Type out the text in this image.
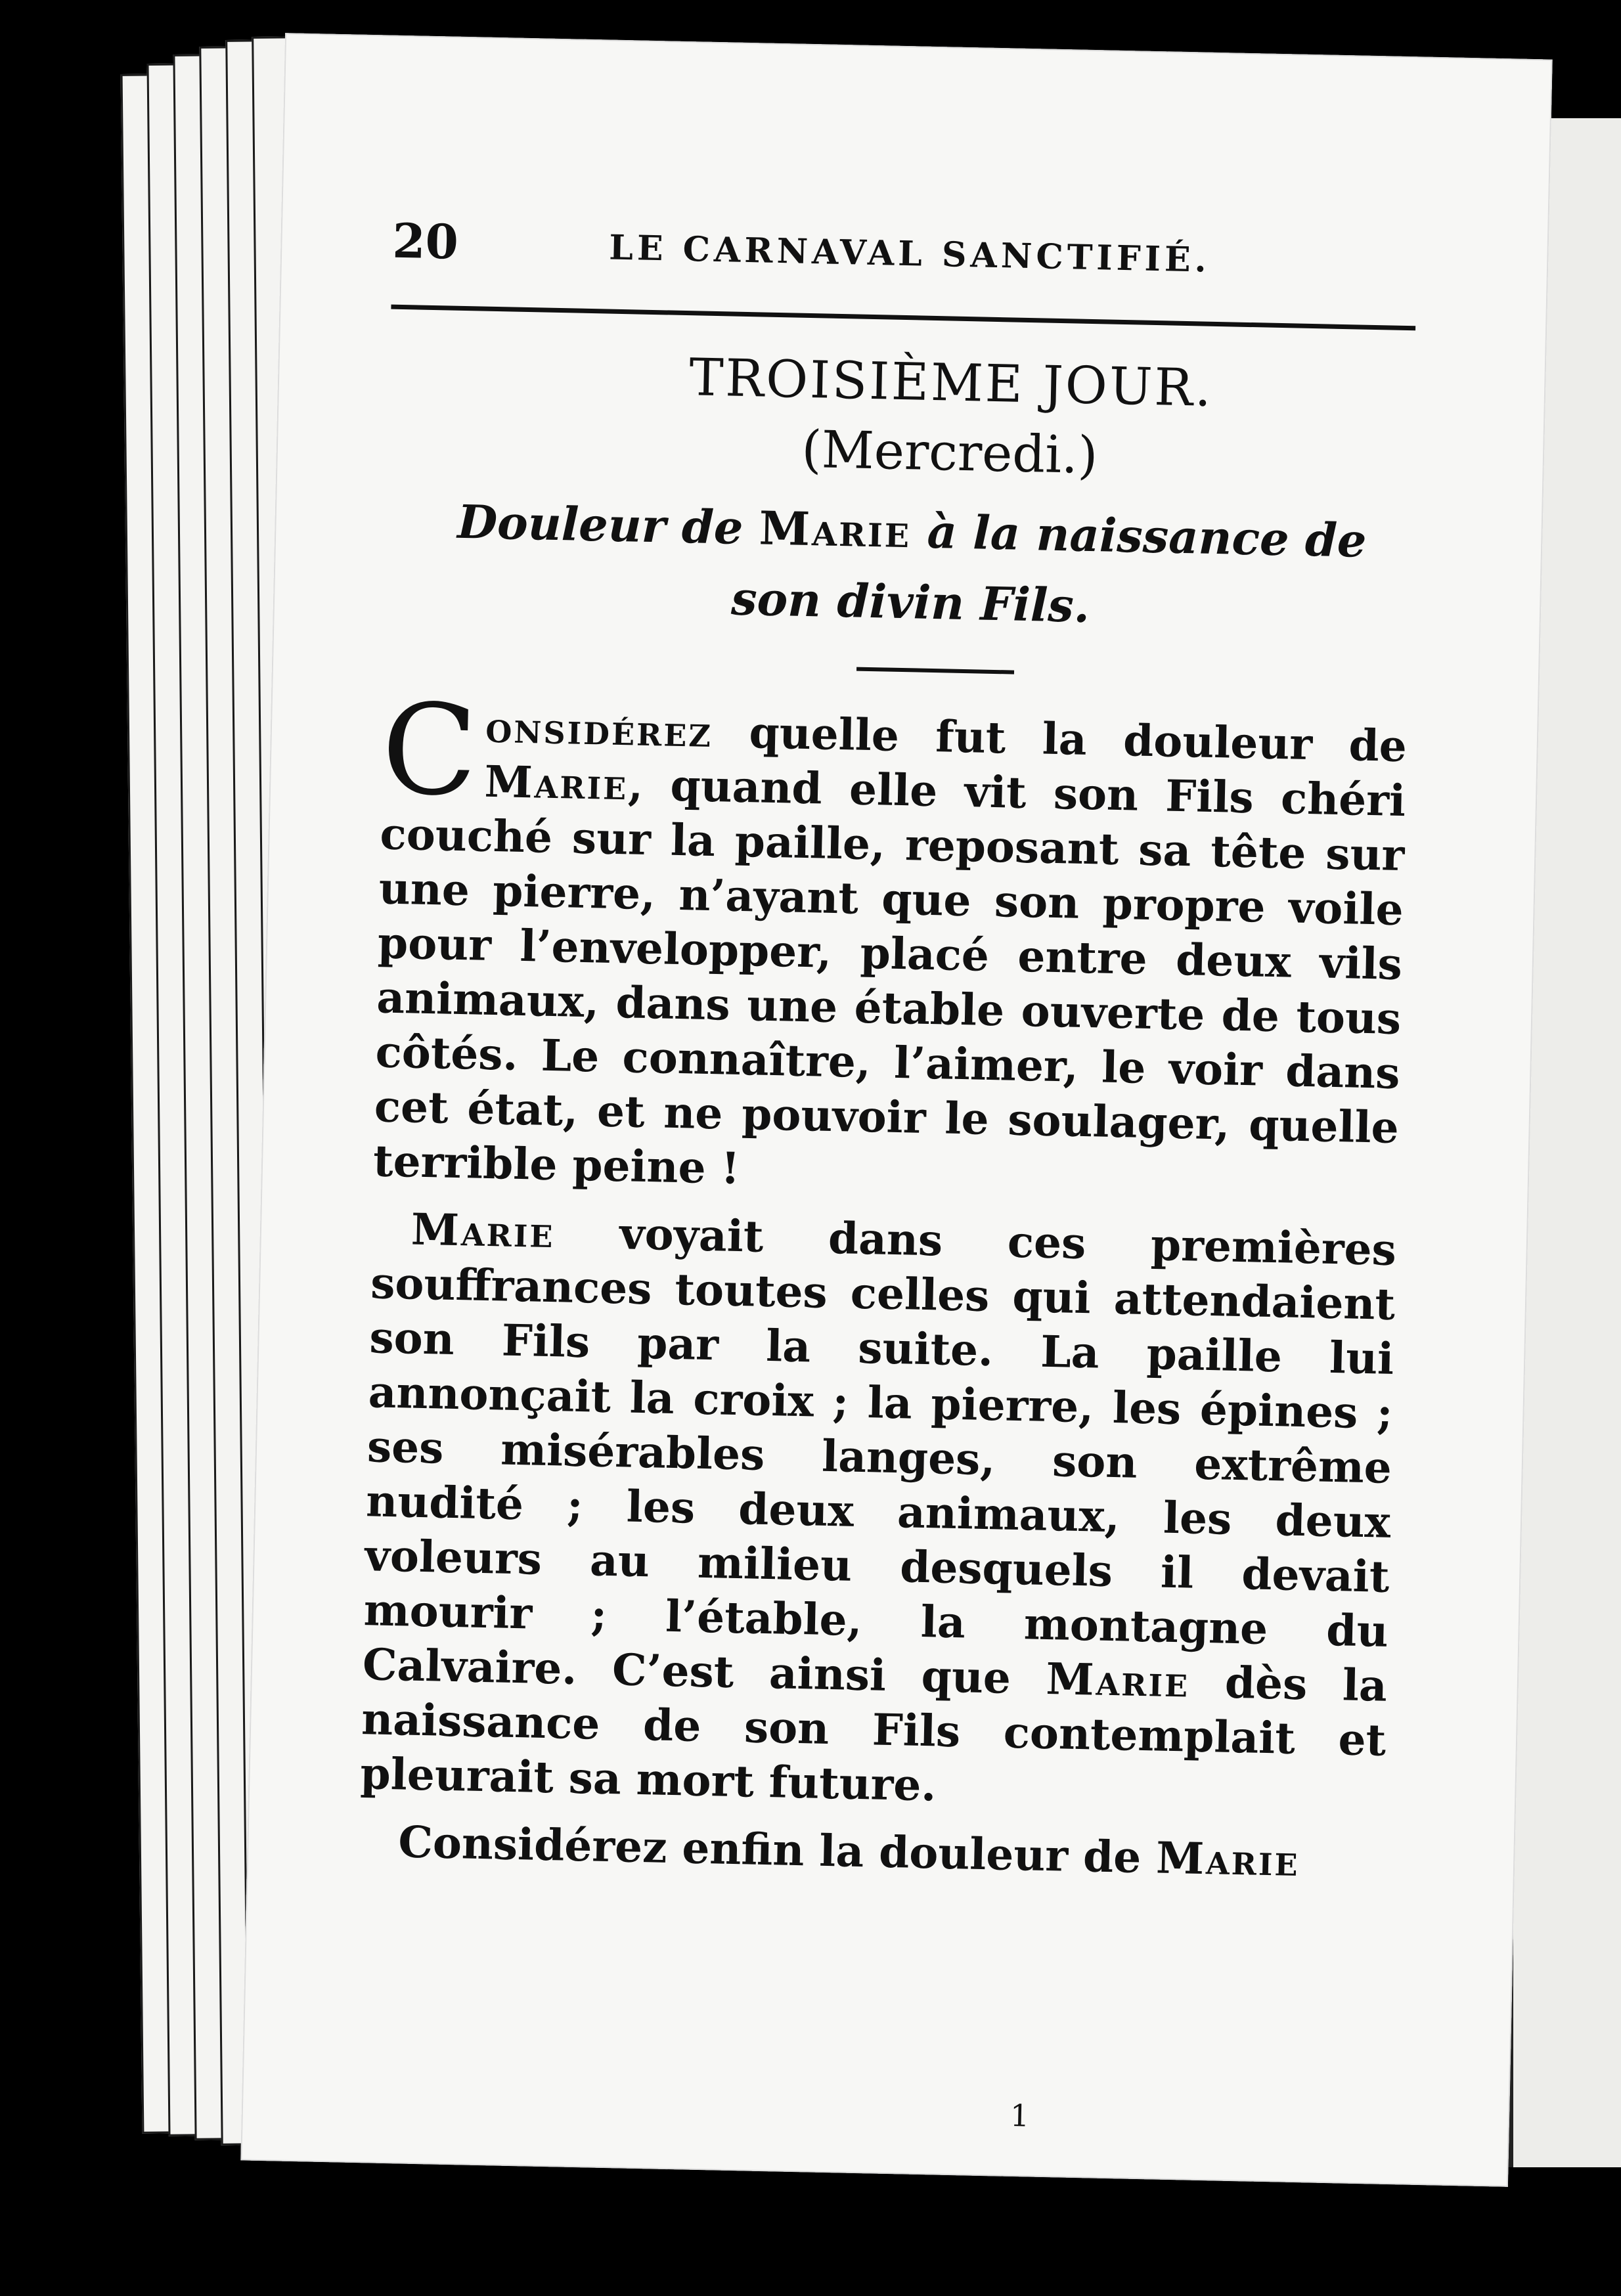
20	LE CARNAVAL SANCTIFIÉ.
TROISIÈME JOUR.
(Mercredi.)
Douleur de Marie à la naissance de son divin Fils.

Considérez quelle fut la douleur de Marie, quand elle vit son Fils chéri couché sur la paille, reposant sa tête sur une pierre, n’ayant que son propre voile pour l’envelopper, placé entre deux vils animaux, dans une étable ouverte de tous côtés. Le connaître, l’aimer, le voir dans cet état, et ne pouvoir le soulager, quelle terrible peine !

Marie voyait dans ces premières souffrances toutes celles qui attendaient son Fils par la suite. La paille lui annonçait la croix ; la pierre, les épines ; ses misérables langes, son extrême nudité ; les deux animaux, les deux voleurs au milieu desquels il devait mourir ; l’étable, la montagne du Calvaire. C’est ainsi que Marie dès la naissance de son Fils contemplait et pleurait sa mort future.

Considérez enfin la douleur de Marie

1
